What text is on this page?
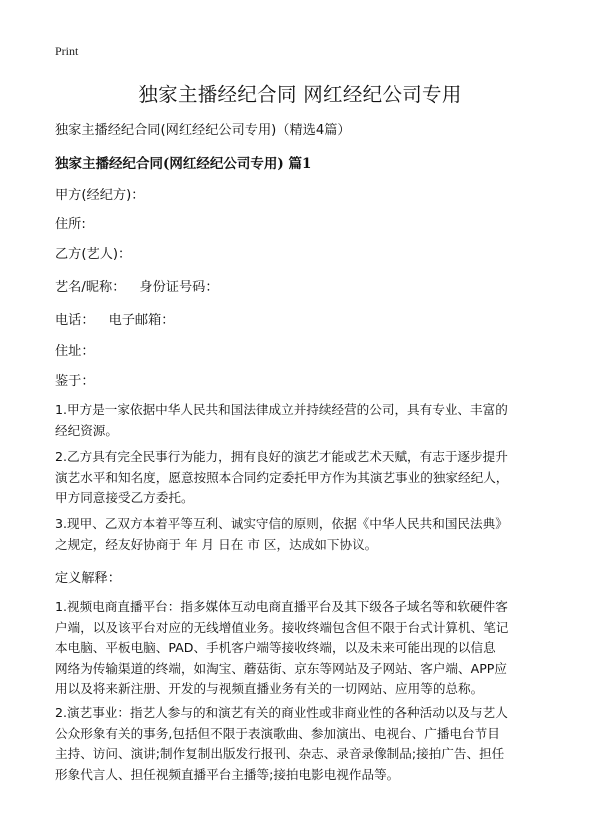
Print
独家主播经纪合同 网红经纪公司专用
独家主播经纪合同(网红经纪公司专用)（精选4篇）
独家主播经纪合同(网红经纪公司专用) 篇1
甲方(经纪方)：
住所:
乙方(艺人)：
艺名/昵称： 身份证号码：
电话： 电子邮箱：
住址：
鉴于：
1.甲方是一家依据中华人民共和国法律成立并持续经营的公司，具有专业、丰富的
经纪资源。
2.乙方具有完全民事行为能力，拥有良好的演艺才能或艺术天赋，有志于逐步提升
演艺水平和知名度，愿意按照本合同约定委托甲方作为其演艺事业的独家经纪人，
甲方同意接受乙方委托。
3.现甲、乙双方本着平等互利、诚实守信的原则，依据《中华人民共和国民法典》
之规定，经友好协商于 年 月 日在 市 区，达成如下协议。
定义解释：
1.视频电商直播平台：指多媒体互动电商直播平台及其下级各子域名等和软硬件客
户端，以及该平台对应的无线增值业务。接收终端包含但不限于台式计算机、笔记
本电脑、平板电脑、PAD、手机客户端等接收终端，以及未来可能出现的以信息
网络为传输渠道的终端，如淘宝、蘑菇街、京东等网站及子网站、客户端、APP应
用以及将来新注册、开发的与视频直播业务有关的一切网站、应用等的总称。
2.演艺事业：指艺人参与的和演艺有关的商业性或非商业性的各种活动以及与艺人
公众形象有关的事务,包括但不限于表演歌曲、参加演出、电视台、广播电台节目
主持、访问、演讲;制作复制出版发行报刊、杂志、录音录像制品;接拍广告、担任
形象代言人、担任视频直播平台主播等;接拍电影电视作品等。
